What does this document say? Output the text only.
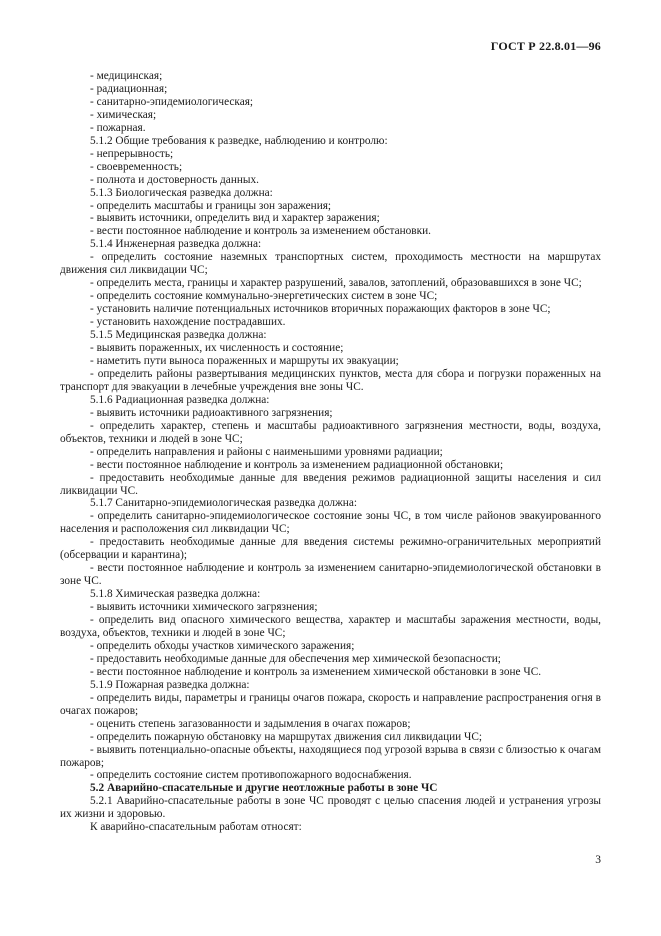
ГОСТ Р 22.8.01—96

- медицинская;

- радиационная;

- санитарно-эпидемиологическая;

- химическая;

- пожарная.

5.1.2 Общие требования к разведке, наблюдению и контролю:

- непрерывность;

- своевременность;

- полнота и достоверность данных.

5.1.3 Биологическая разведка должна:

- определить масштабы и границы зон заражения;

- выявить источники, определить вид и характер заражения;

- вести постоянное наблюдение и контроль за изменением обстановки.

5.1.4 Инженерная разведка должна:

- определить состояние наземных транспортных систем, проходимость местности на маршрутах движения сил ликвидации ЧС;

- определить места, границы и характер разрушений, завалов, затоплений, образовавшихся в зоне ЧС;

- определить состояние коммунально-энергетических систем в зоне ЧС;

- установить наличие потенциальных источников вторичных поражающих факторов в зоне ЧС;

- установить нахождение пострадавших.

5.1.5 Медицинская разведка должна:

- выявить пораженных, их численность и состояние;

- наметить пути выноса пораженных и маршруты их эвакуации;

- определить районы развертывания медицинских пунктов, места для сбора и погрузки пораженных на транспорт для эвакуации в лечебные учреждения вне зоны ЧС.

5.1.6 Радиационная разведка должна:

- выявить источники радиоактивного загрязнения;

- определить характер, степень и масштабы радиоактивного загрязнения местности, воды, воздуха, объектов, техники и людей в зоне ЧС;

- определить направления и районы с наименьшими уровнями радиации;

- вести постоянное наблюдение и контроль за изменением радиационной обстановки;

- предоставить необходимые данные для введения режимов радиационной защиты населения и сил ликвидации ЧС.

5.1.7 Санитарно-эпидемиологическая разведка должна:

- определить санитарно-эпидемиологическое состояние зоны ЧС, в том числе районов эвакуированного населения и расположения сил ликвидации ЧС;

- предоставить необходимые данные для введения системы режимно-ограничительных мероприятий (обсервации и карантина);

- вести постоянное наблюдение и контроль за изменением санитарно-эпидемиологической обстановки в зоне ЧС.

5.1.8 Химическая разведка должна:

- выявить источники химического загрязнения;

- определить вид опасного химического вещества, характер и масштабы заражения местности, воды, воздуха, объектов, техники и людей в зоне ЧС;

- определить обходы участков химического заражения;

- предоставить необходимые данные для обеспечения мер химической безопасности;

- вести постоянное наблюдение и контроль за изменением химической обстановки в зоне ЧС.

5.1.9 Пожарная разведка должна:

- определить виды, параметры и границы очагов пожара, скорость и направление распространения огня в очагах пожаров;

- оценить степень загазованности и задымления в очагах пожаров;

- определить пожарную обстановку на маршрутах движения сил ликвидации ЧС;

- выявить потенциально-опасные объекты, находящиеся под угрозой взрыва в связи с близостью к очагам пожаров;

- определить состояние систем противопожарного водоснабжения.

5.2 Аварийно-спасательные и другие неотложные работы в зоне ЧС

5.2.1 Аварийно-спасательные работы в зоне ЧС проводят с целью спасения людей и устранения угрозы их жизни и здоровью.

К аварийно-спасательным работам относят:

3
